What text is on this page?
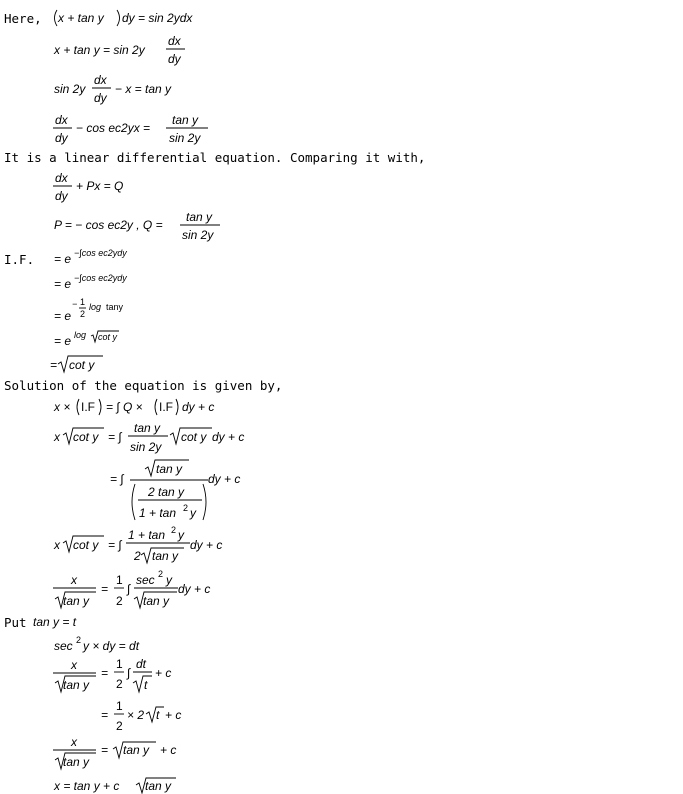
Here,
It is a linear differential equation. Comparing it with,
I.F.
Solution of the equation is given by,
Put
x + tan y dy = sin 2ydx
x + tan y = sin 2y
dx
dy
sin 2y
dx
dy
− x = tan y
dx
dy
− cos ec2yx =
tan y
sin 2y
dx
dy
+ Px = Q
P = − cos ec2y , Q =
tan y
sin 2y
= e −∫cos ec2ydy
= e −∫cos ec2ydy
= e
− 1
2
log tany
= e log cot y
= cot y
x × I.F = ∫ Q × I.F dy + c
x cot y = ∫
tan y
sin 2y
cot y dy + c
= ∫
tan y
2 tan y
1 + tan 2 y
dy + c
x cot y = ∫
1 + tan 2 y
2 tan y
dy + c
x
tan y
=
1
2
∫
sec 2 y
tan y
dy + c
tan y = t
sec 2 y × dy = dt
x
tan y
=
1
2
∫
dt
t
+ c
=
1
2
× 2 t + c
x
tan y
= tan y + c
x = tan y + c tan y
